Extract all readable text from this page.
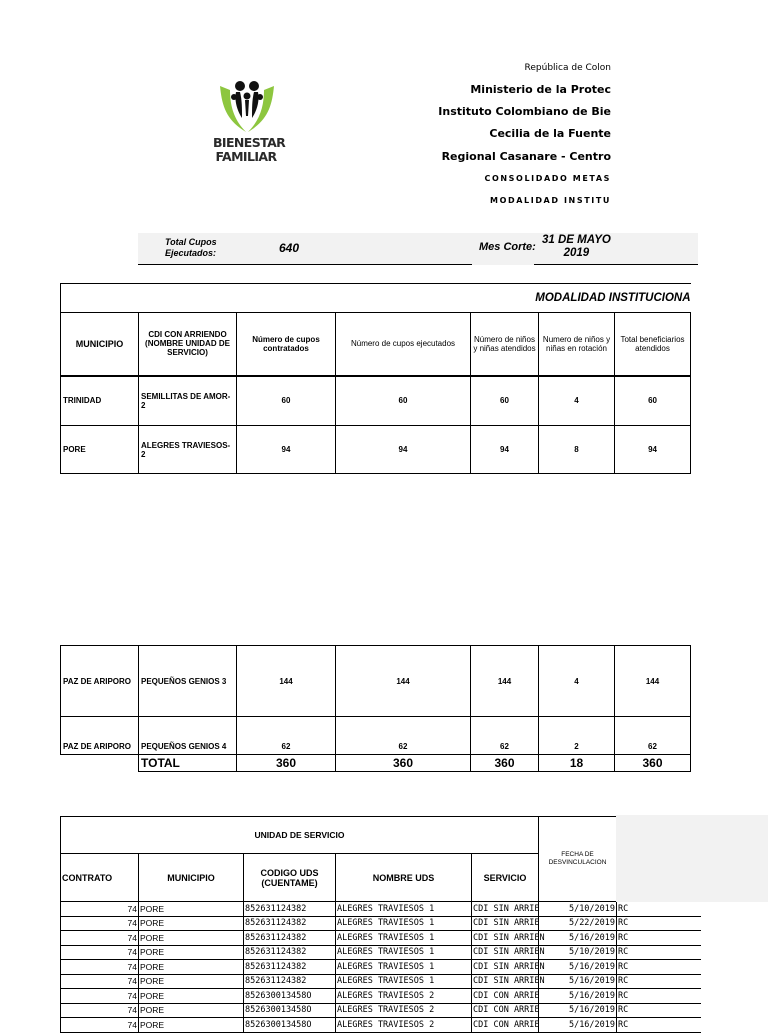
BIENESTAR
FAMILIAR
República de Colon
Ministerio de la Protec
Instituto Colombiano de Bie
Cecilia de la Fuente
Regional Casanare - Centro
CONSOLIDADO METAS
MODALIDAD INSTITU
Total Cupos
Ejecutados:	640	Mes Corte:
31 DE MAYO
2019
MODALIDAD INSTITUCIONA						
MUNICIPIO	CDI CON ARRIENDO (NOMBRE UNIDAD DE SERVICIO)	Número de cupos contratados	Número de cupos ejecutados	Número de niños y niñas atendidos	Numero de niños y niñas en rotación	Total beneficiarios atendidos
TRINIDAD	SEMILLITAS DE AMOR-2	60	60	60	4	60
PORE	ALEGRES TRAVIESOS-2	94	94	94	8	94
PAZ DE ARIPORO	PEQUEÑOS GENIOS 3	144	144	144	4	144
PAZ DE ARIPORO	PEQUEÑOS GENIOS 4	62	62	62	2	62
	TOTAL	360	360	360	18	360
UNIDAD DE SERVICIO					FECHA DE DESVINCULACION	
CONTRATO	MUNICIPIO	CODIGO UDS (CUENTAME)	NOMBRE UDS	SERVICIO	
74	PORE	852631124382	ALEGRES TRAVIESOS 1	CDI SIN ARRIE	5/10/2019	RC
74	PORE	852631124382	ALEGRES TRAVIESOS 1	CDI SIN ARRIE	5/22/2019	RC
74	PORE	852631124382	ALEGRES TRAVIESOS 1	CDI SIN ARRIEN	5/16/2019	RC
74	PORE	852631124382	ALEGRES TRAVIESOS 1	CDI SIN ARRIEN	5/10/2019	RC
74	PORE	852631124382	ALEGRES TRAVIESOS 1	CDI SIN ARRIEN	5/16/2019	RC
74	PORE	852631124382	ALEGRES TRAVIESOS 1	CDI SIN ARRIEN	5/16/2019	RC
74	PORE	852630013458O	ALEGRES TRAVIESOS 2	CDI CON ARRIE	5/16/2019	RC
74	PORE	852630013458O	ALEGRES TRAVIESOS 2	CDI CON ARRIE	5/16/2019	RC
74	PORE	852630013458O	ALEGRES TRAVIESOS 2	CDI CON ARRIE	5/16/2019	RC
